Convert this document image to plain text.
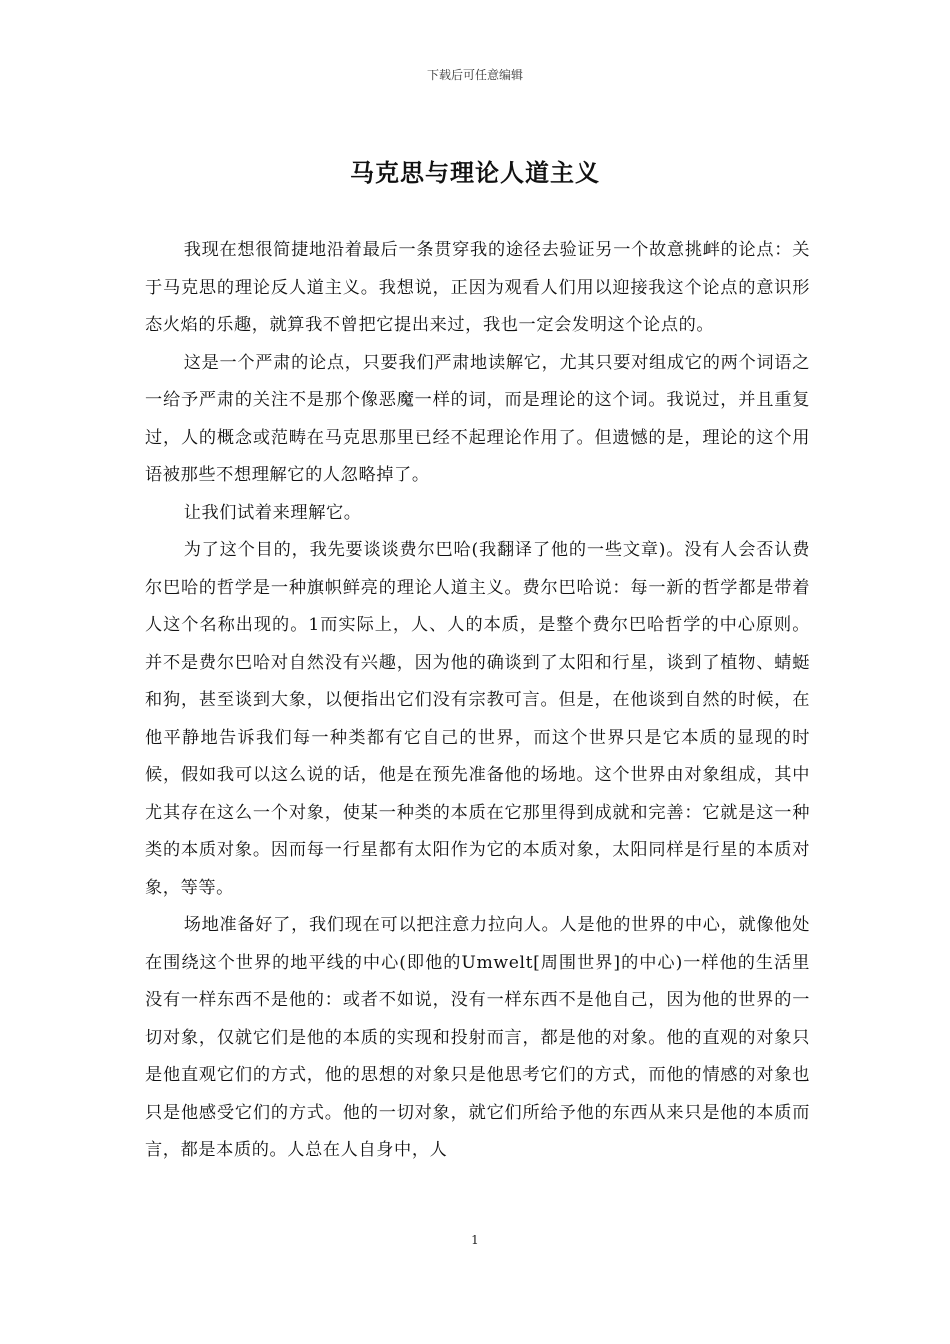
下载后可任意编辑
马克思与理论人道主义

我现在想很简捷地沿着最后一条贯穿我的途径去验证另一个故意挑衅的论点：关于马克思的理论反人道主义。我想说，正因为观看人们用以迎接我这个论点的意识形态火焰的乐趣，就算我不曾把它提出来过，我也一定会发明这个论点的。

这是一个严肃的论点，只要我们严肃地读解它，尤其只要对组成它的两个词语之一给予严肃的关注不是那个像恶魔一样的词，而是理论的这个词。我说过，并且重复过，人的概念或范畴在马克思那里已经不起理论作用了。但遗憾的是，理论的这个用语被那些不想理解它的人忽略掉了。

让我们试着来理解它。

为了这个目的，我先要谈谈费尔巴哈(我翻译了他的一些文章)。没有人会否认费尔巴哈的哲学是一种旗帜鲜亮的理论人道主义。费尔巴哈说：每一新的哲学都是带着人这个名称出现的。1而实际上，人、人的本质，是整个费尔巴哈哲学的中心原则。并不是费尔巴哈对自然没有兴趣，因为他的确谈到了太阳和行星，谈到了植物、蜻蜓和狗，甚至谈到大象，以便指出它们没有宗教可言。但是，在他谈到自然的时候，在他平静地告诉我们每一种类都有它自己的世界，而这个世界只是它本质的显现的时候，假如我可以这么说的话，他是在预先准备他的场地。这个世界由对象组成，其中尤其存在这么一个对象，使某一种类的本质在它那里得到成就和完善：它就是这一种类的本质对象。因而每一行星都有太阳作为它的本质对象，太阳同样是行星的本质对象，等等。

场地准备好了，我们现在可以把注意力拉向人。人是他的世界的中心，就像他处在围绕这个世界的地平线的中心(即他的Umwelt[周围世界]的中心)一样他的生活里没有一样东西不是他的：或者不如说，没有一样东西不是他自己，因为他的世界的一切对象，仅就它们是他的本质的实现和投射而言，都是他的对象。他的直观的对象只是他直观它们的方式，他的思想的对象只是他思考它们的方式，而他的情感的对象也只是他感受它们的方式。他的一切对象，就它们所给予他的东西从来只是他的本质而言，都是本质的。人总在人自身中，人

1
